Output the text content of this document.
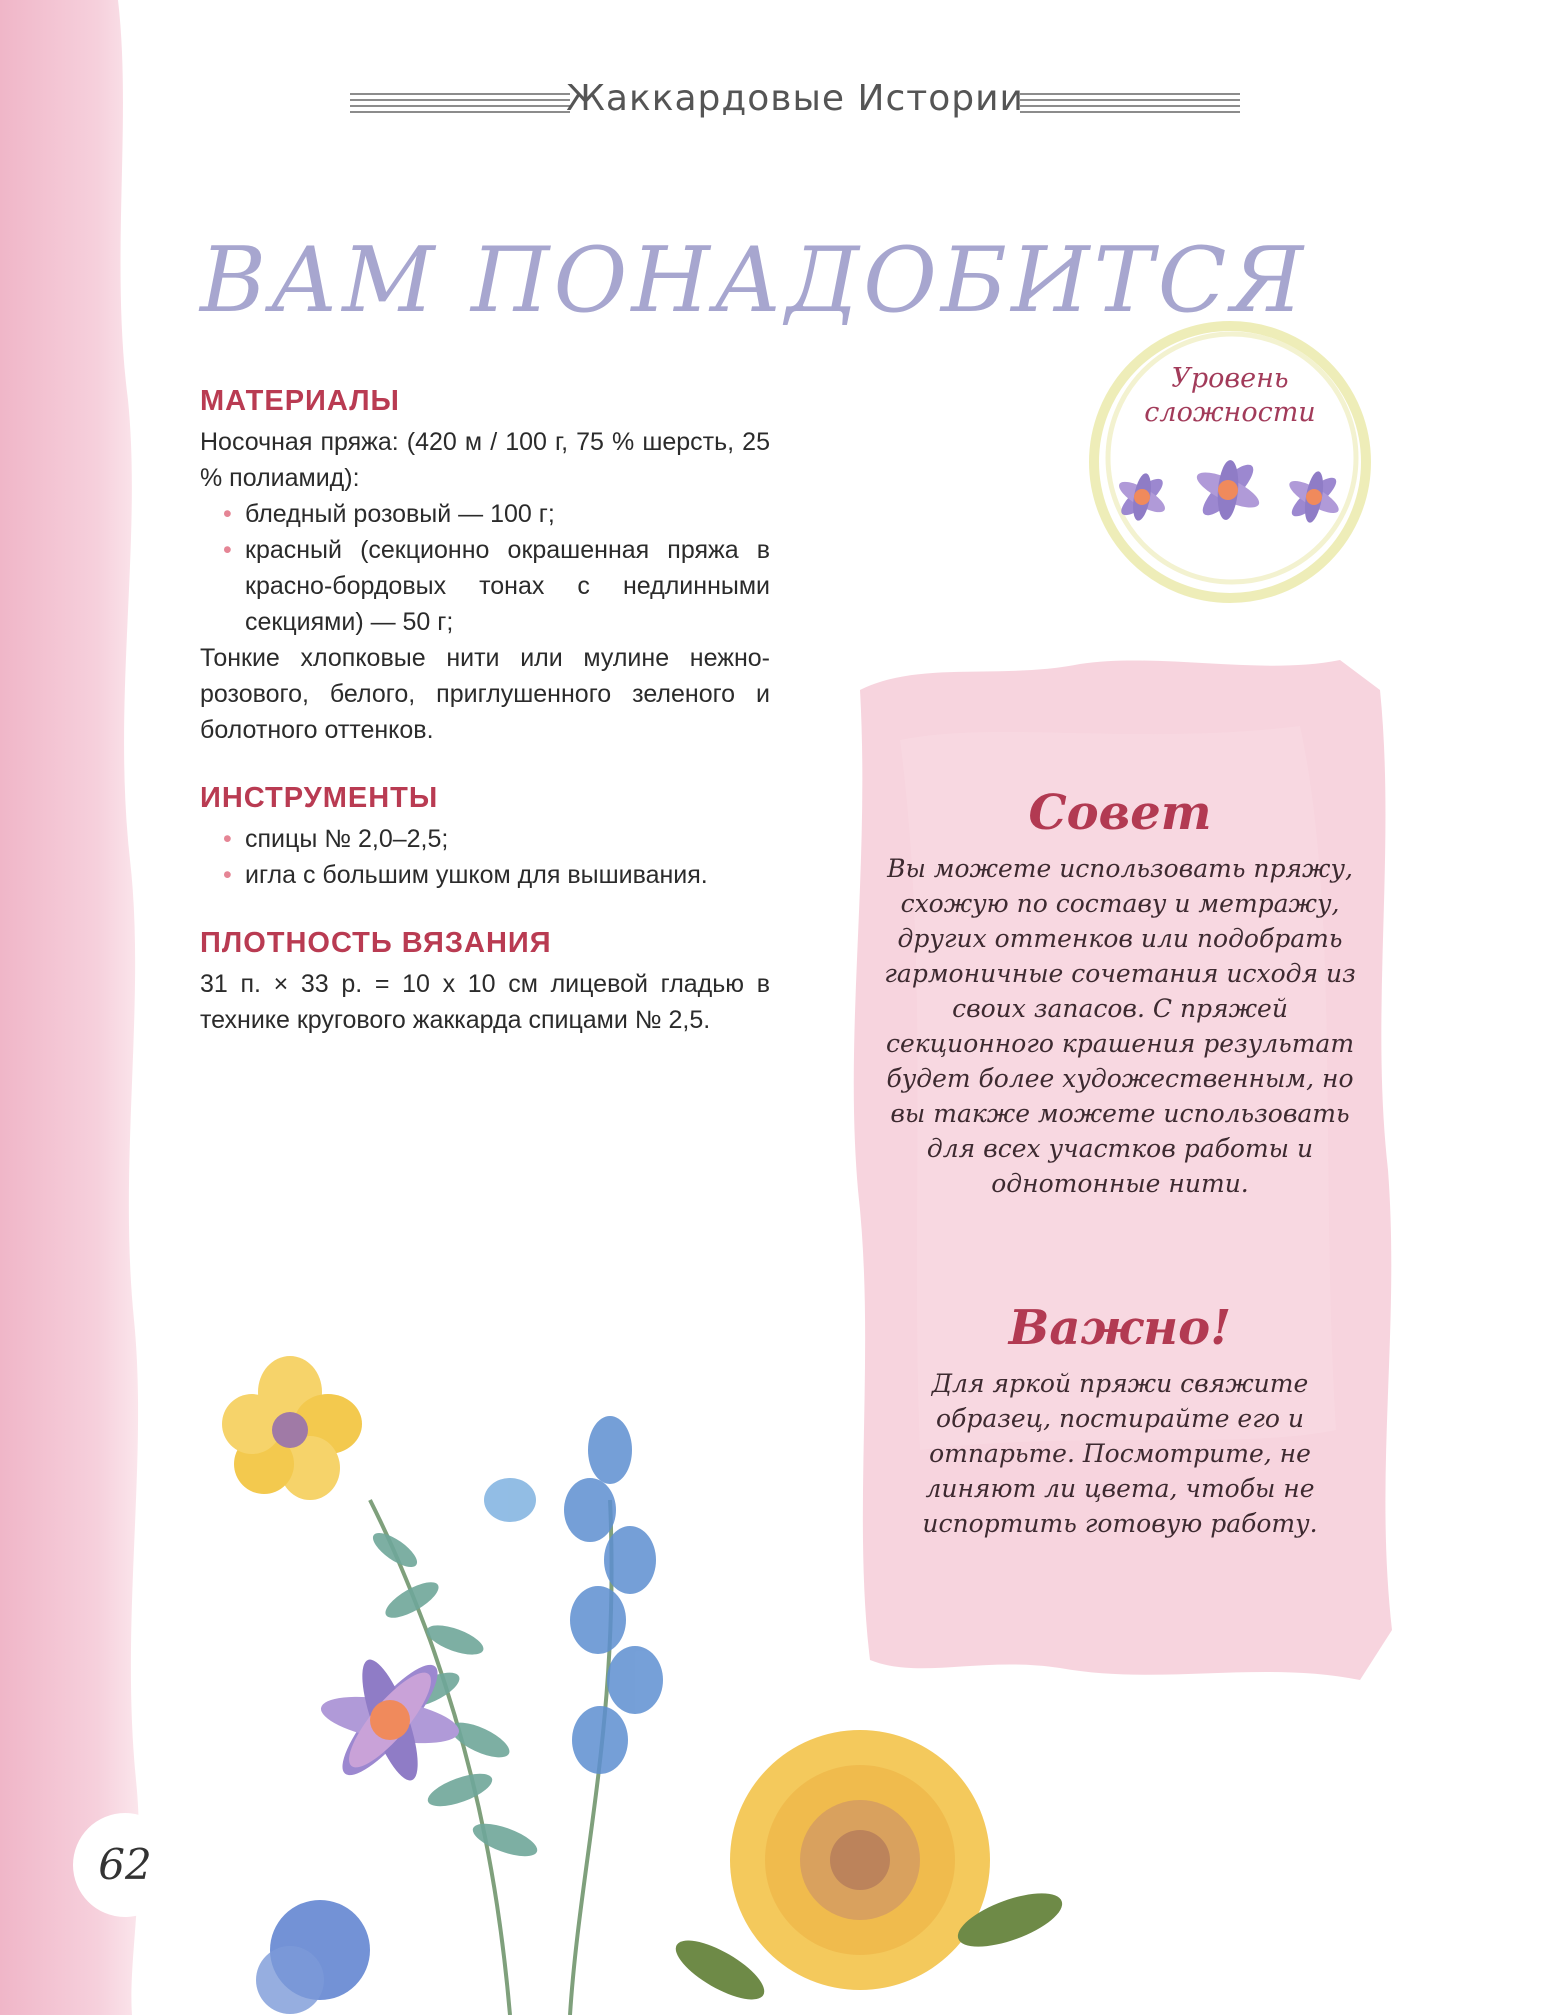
Жаккардовые Истории
ВАМ ПОНАДОБИТСЯ
МАТЕРИАЛЫ

Носочная пряжа: (420 м / 100 г, 75 % шерсть, 25 % полиамид):

• бледный розовый — 100 г;
• красный (секционно окрашенная пряжа в красно-бордовых тонах с недлинными секциями) — 50 г;

Тонкие хлопковые нити или мулине нежно-розового, белого, приглушенного зеленого и болотного оттенков.

ИНСТРУМЕНТЫ
• спицы № 2,0–2,5;
• игла с большим ушком для вышивания.
ПЛОТНОСТЬ ВЯЗАНИЯ

31 п. × 33 р. = 10 х 10 см лицевой гладью в технике кругового жаккарда спицами № 2,5.

Уровень
сложности
Совет

Вы можете использовать пряжу, схожую по составу и метражу, других оттенков или подобрать гармоничные сочетания исходя из своих запасов. С пряжей секционного крашения результат будет более художественным, но вы также можете использовать для всех участков работы и однотонные нити.

Важно!

Для яркой пряжи свяжите образец, постирайте его и отпарьте. Посмотрите, не линяют ли цвета, чтобы не испортить готовую работу.

62
